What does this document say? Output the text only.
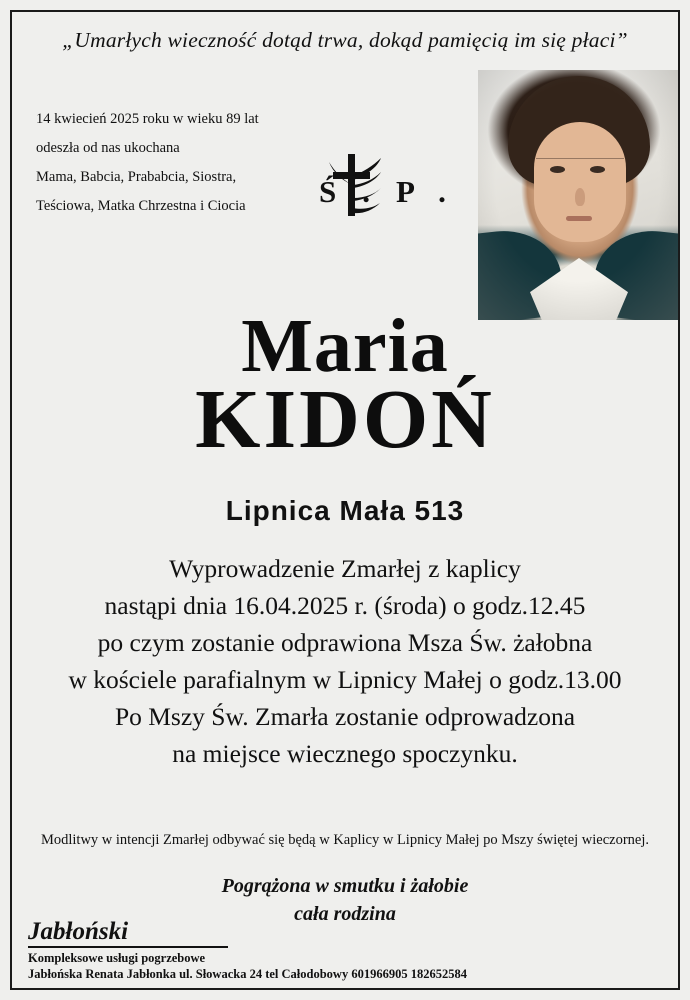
„Umarłych wieczność dotąd trwa, dokąd pamięcią im się płaci”
14 kwiecień 2025 roku w wieku 89 lat
odeszła od nas ukochana
Mama, Babcia, Prababcia, Siostra,
Teściowa, Matka Chrzestna i Ciocia	Ś.P.
Maria
KIDOŃ
Lipnica Mała 513
Wyprowadzenie Zmarłej z kaplicy
nastąpi dnia 16.04.2025 r. (środa) o godz.12.45
po czym zostanie odprawiona Msza Św. żałobna
w kościele parafialnym w Lipnicy Małej o godz.13.00
Po Mszy Św. Zmarła zostanie odprowadzona
na miejsce wiecznego spoczynku.
Modlitwy w intencji Zmarłej odbywać się będą w Kaplicy w Lipnicy Małej po Mszy świętej wieczornej.
Pogrążona w smutku i żałobie
cała rodzina
Jabłoński
Kompleksowe usługi pogrzebowe
Jabłońska Renata Jabłonka ul. Słowacka 24 tel Całodobowy 601966905 182652584
